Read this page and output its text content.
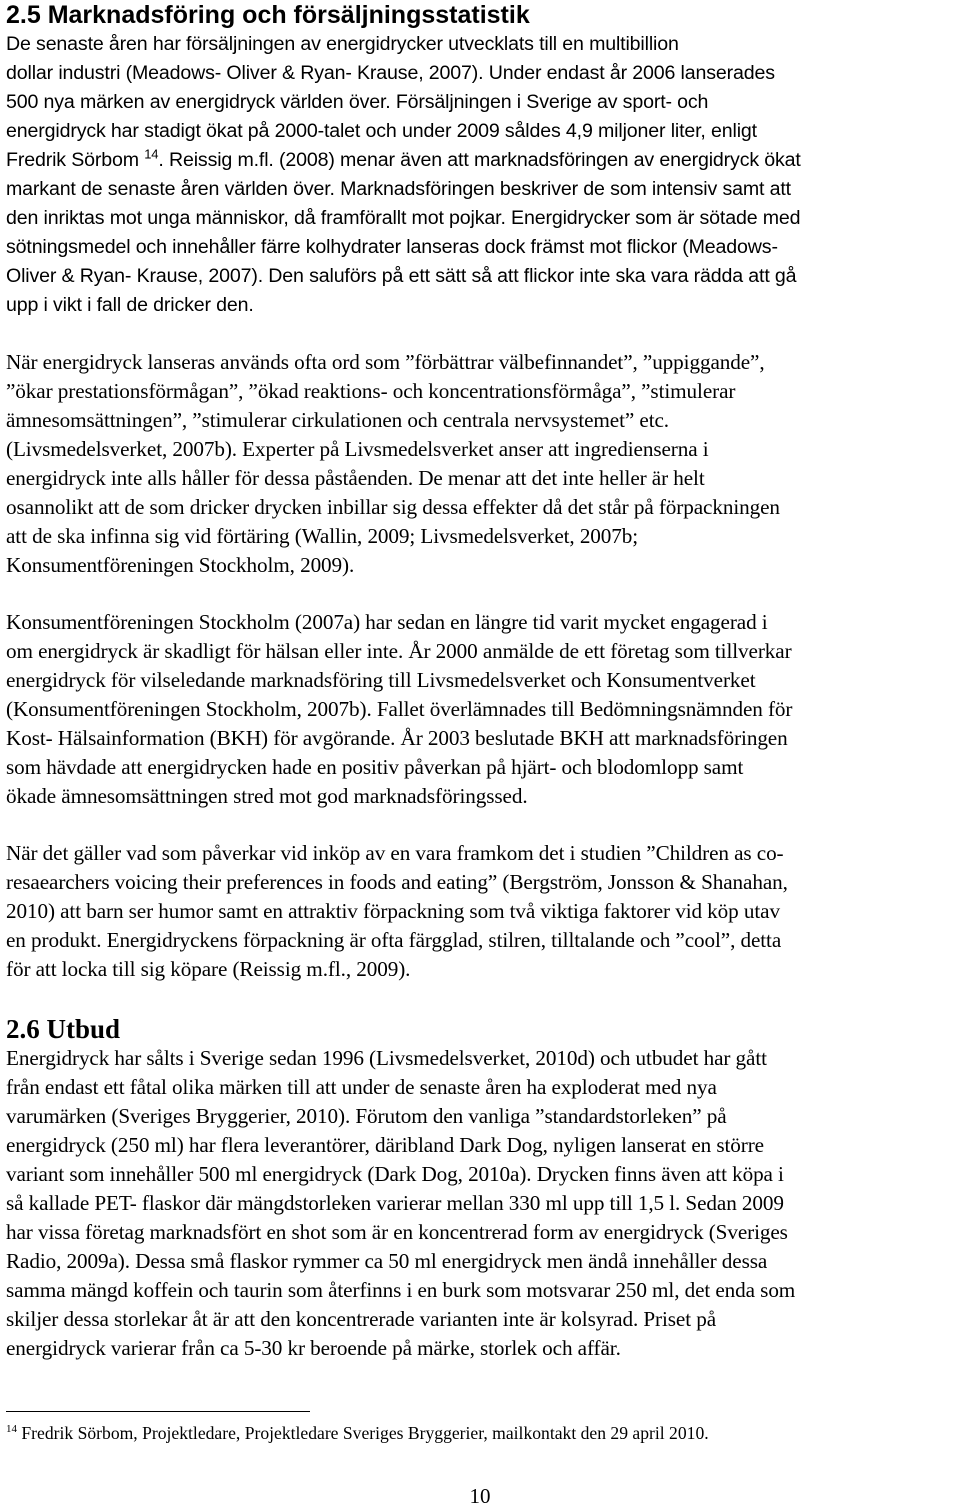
2.5 Marknadsföring och försäljningsstatistik

De senaste åren har försäljningen av energidrycker utvecklats till en multibillion
dollar industri (Meadows- Oliver & Ryan- Krause, 2007). Under endast år 2006 lanserades
500 nya märken av energidryck världen över. Försäljningen i Sverige av sport- och
energidryck har stadigt ökat på 2000-talet och under 2009 såldes 4,9 miljoner liter, enligt
Fredrik Sörbom $^{14}$. Reissig m.fl. (2008) menar även att marknadsföringen av energidryck ökat
markant de senaste åren världen över. Marknadsföringen beskriver de som intensiv samt att
den inriktas mot unga människor, då framförallt mot pojkar. Energidrycker som är sötade med
sötningsmedel och innehåller färre kolhydrater lanseras dock främst mot flickor (Meadows-
Oliver & Ryan- Krause, 2007). Den saluförs på ett sätt så att flickor inte ska vara rädda att gå
upp i vikt i fall de dricker den.

När energidryck lanseras används ofta ord som ”förbättrar välbefinnandet”, ”uppiggande”,
”ökar prestationsförmågan”, ”ökad reaktions- och koncentrationsförmåga”, ”stimulerar
ämnesomsättningen”, ”stimulerar cirkulationen och centrala nervsystemet” etc.
(Livsmedelsverket, 2007b). Experter på Livsmedelsverket anser att ingredienserna i
energidryck inte alls håller för dessa påståenden. De menar att det inte heller är helt
osannolikt att de som dricker drycken inbillar sig dessa effekter då det står på förpackningen
att de ska infinna sig vid förtäring (Wallin, 2009; Livsmedelsverket, 2007b;
Konsumentföreningen Stockholm, 2009).

Konsumentföreningen Stockholm (2007a) har sedan en längre tid varit mycket engagerad i
om energidryck är skadligt för hälsan eller inte. År 2000 anmälde de ett företag som tillverkar
energidryck för vilseledande marknadsföring till Livsmedelsverket och Konsumentverket
(Konsumentföreningen Stockholm, 2007b). Fallet överlämnades till Bedömningsnämnden för
Kost- Hälsainformation (BKH) för avgörande. År 2003 beslutade BKH att marknadsföringen
som hävdade att energidrycken hade en positiv påverkan på hjärt- och blodomlopp samt
ökade ämnesomsättningen stred mot god marknadsföringssed.

När det gäller vad som påverkar vid inköp av en vara framkom det i studien ”Children as co-
resaearchers voicing their preferences in foods and eating” (Bergström, Jonsson & Shanahan,
2010) att barn ser humor samt en attraktiv förpackning som två viktiga faktorer vid köp utav
en produkt. Energidryckens förpackning är ofta färgglad, stilren, tilltalande och ”cool”, detta
för att locka till sig köpare (Reissig m.fl., 2009).

2.6 Utbud

Energidryck har sålts i Sverige sedan 1996 (Livsmedelsverket, 2010d) och utbudet har gått
från endast ett fåtal olika märken till att under de senaste åren ha exploderat med nya
varumärken (Sveriges Bryggerier, 2010). Förutom den vanliga ”standardstorleken” på
energidryck (250 ml) har flera leverantörer, däribland Dark Dog, nyligen lanserat en större
variant som innehåller 500 ml energidryck (Dark Dog, 2010a). Drycken finns även att köpa i
så kallade PET- flaskor där mängdstorleken varierar mellan 330 ml upp till 1,5 l. Sedan 2009
har vissa företag marknadsfört en shot som är en koncentrerad form av energidryck (Sveriges
Radio, 2009a). Dessa små flaskor rymmer ca 50 ml energidryck men ändå innehåller dessa
samma mängd koffein och taurin som återfinns i en burk som motsvarar 250 ml, det enda som
skiljer dessa storlekar åt är att den koncentrerade varianten inte är kolsyrad. Priset på
energidryck varierar från ca 5-30 kr beroende på märke, storlek och affär.

$^{14}$ Fredrik Sörbom, Projektledare, Projektledare Sveriges Bryggerier, mailkontakt den 29 april 2010.
10
